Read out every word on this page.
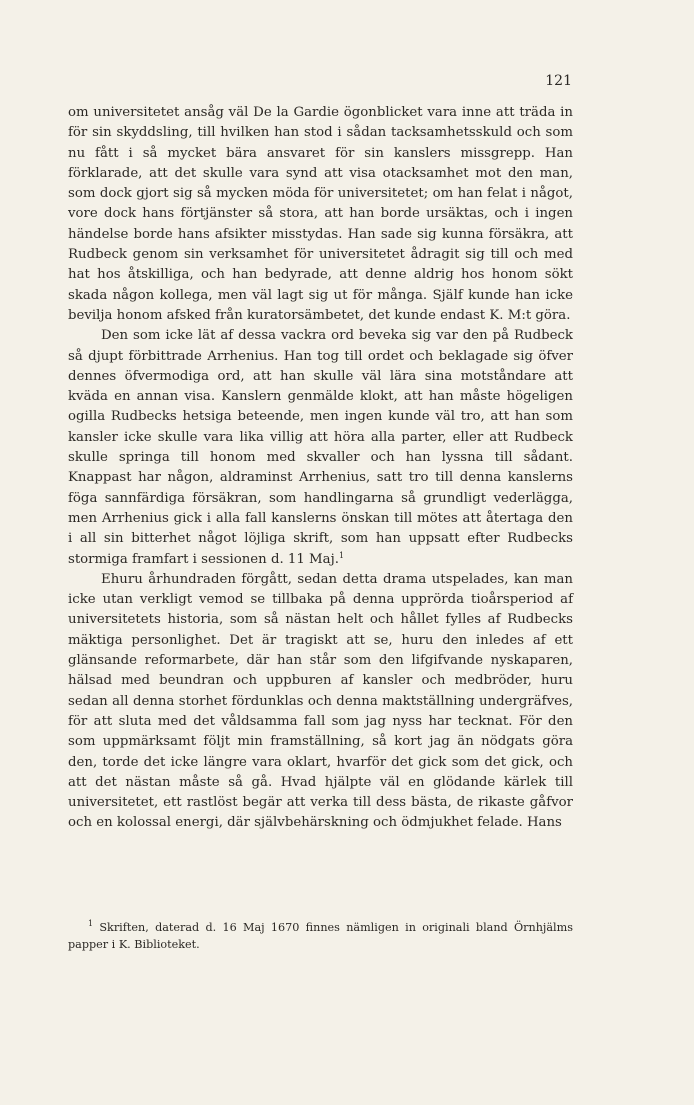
121

om universitetet ansåg väl De la Gardie ögonblicket vara inne att träda in för sin skyddsling, till hvilken han stod i sådan tacksamhetsskuld och som nu fått i så mycket bära ansvaret för sin kanslers missgrepp. Han förklarade, att det skulle vara synd att visa otacksamhet mot den man, som dock gjort sig så mycken möda för universitetet; om han felat i något, vore dock hans förtjänster så stora, att han borde ursäktas, och i ingen händelse borde hans afsikter misstydas. Han sade sig kunna försäkra, att Rudbeck genom sin verksamhet för universitetet ådragit sig till och med hat hos åtskilliga, och han bedyrade, att denne aldrig hos honom sökt skada någon kollega, men väl lagt sig ut för många. Själf kunde han icke bevilja honom afsked från kuratorsämbetet, det kunde endast K. M:t göra.

Den som icke lät af dessa vackra ord beveka sig var den på Rudbeck så djupt förbittrade Arrhenius. Han tog till ordet och beklagade sig öfver dennes öfvermodiga ord, att han skulle väl lära sina motståndare att kväda en annan visa. Kanslern genmälde klokt, att han måste högeligen ogilla Rudbecks hetsiga beteende, men ingen kunde väl tro, att han som kansler icke skulle vara lika villig att höra alla parter, eller att Rudbeck skulle springa till honom med skvaller och han lyssna till sådant. Knappast har någon, aldraminst Arrhenius, satt tro till denna kanslerns föga sannfärdiga försäkran, som handlingarna så grundligt vederlägga, men Arrhenius gick i alla fall kanslerns önskan till mötes att återtaga den i all sin bitterhet något löjliga skrift, som han uppsatt efter Rudbecks stormiga framfart i sessionen d. 11 Maj.$^1$

Ehuru århundraden förgått, sedan detta drama utspelades, kan man icke utan verkligt vemod se tillbaka på denna upprörda tioårsperiod af universitetets historia, som så nästan helt och hållet fylles af Rudbecks mäktiga personlighet. Det är tragiskt att se, huru den inledes af ett glänsande reformarbete, där han står som den lifgifvande nyskaparen, hälsad med beundran och uppburen af kansler och medbröder, huru sedan all denna storhet fördunklas och denna maktställning undergräfves, för att sluta med det våldsamma fall som jag nyss har tecknat. För den som uppmärksamt följt min framställning, så kort jag än nödgats göra den, torde det icke längre vara oklart, hvarför det gick som det gick, och att det nästan måste så gå. Hvad hjälpte väl en glödande kärlek till universitetet, ett rastlöst begär att verka till dess bästa, de rikaste gåfvor och en kolossal energi, där självbehärskning och ödmjukhet felade. Hans

$^1$ Skriften, daterad d. 16 Maj 1670 finnes nämligen in originali bland Örnhjälms papper i K. Biblioteket.
